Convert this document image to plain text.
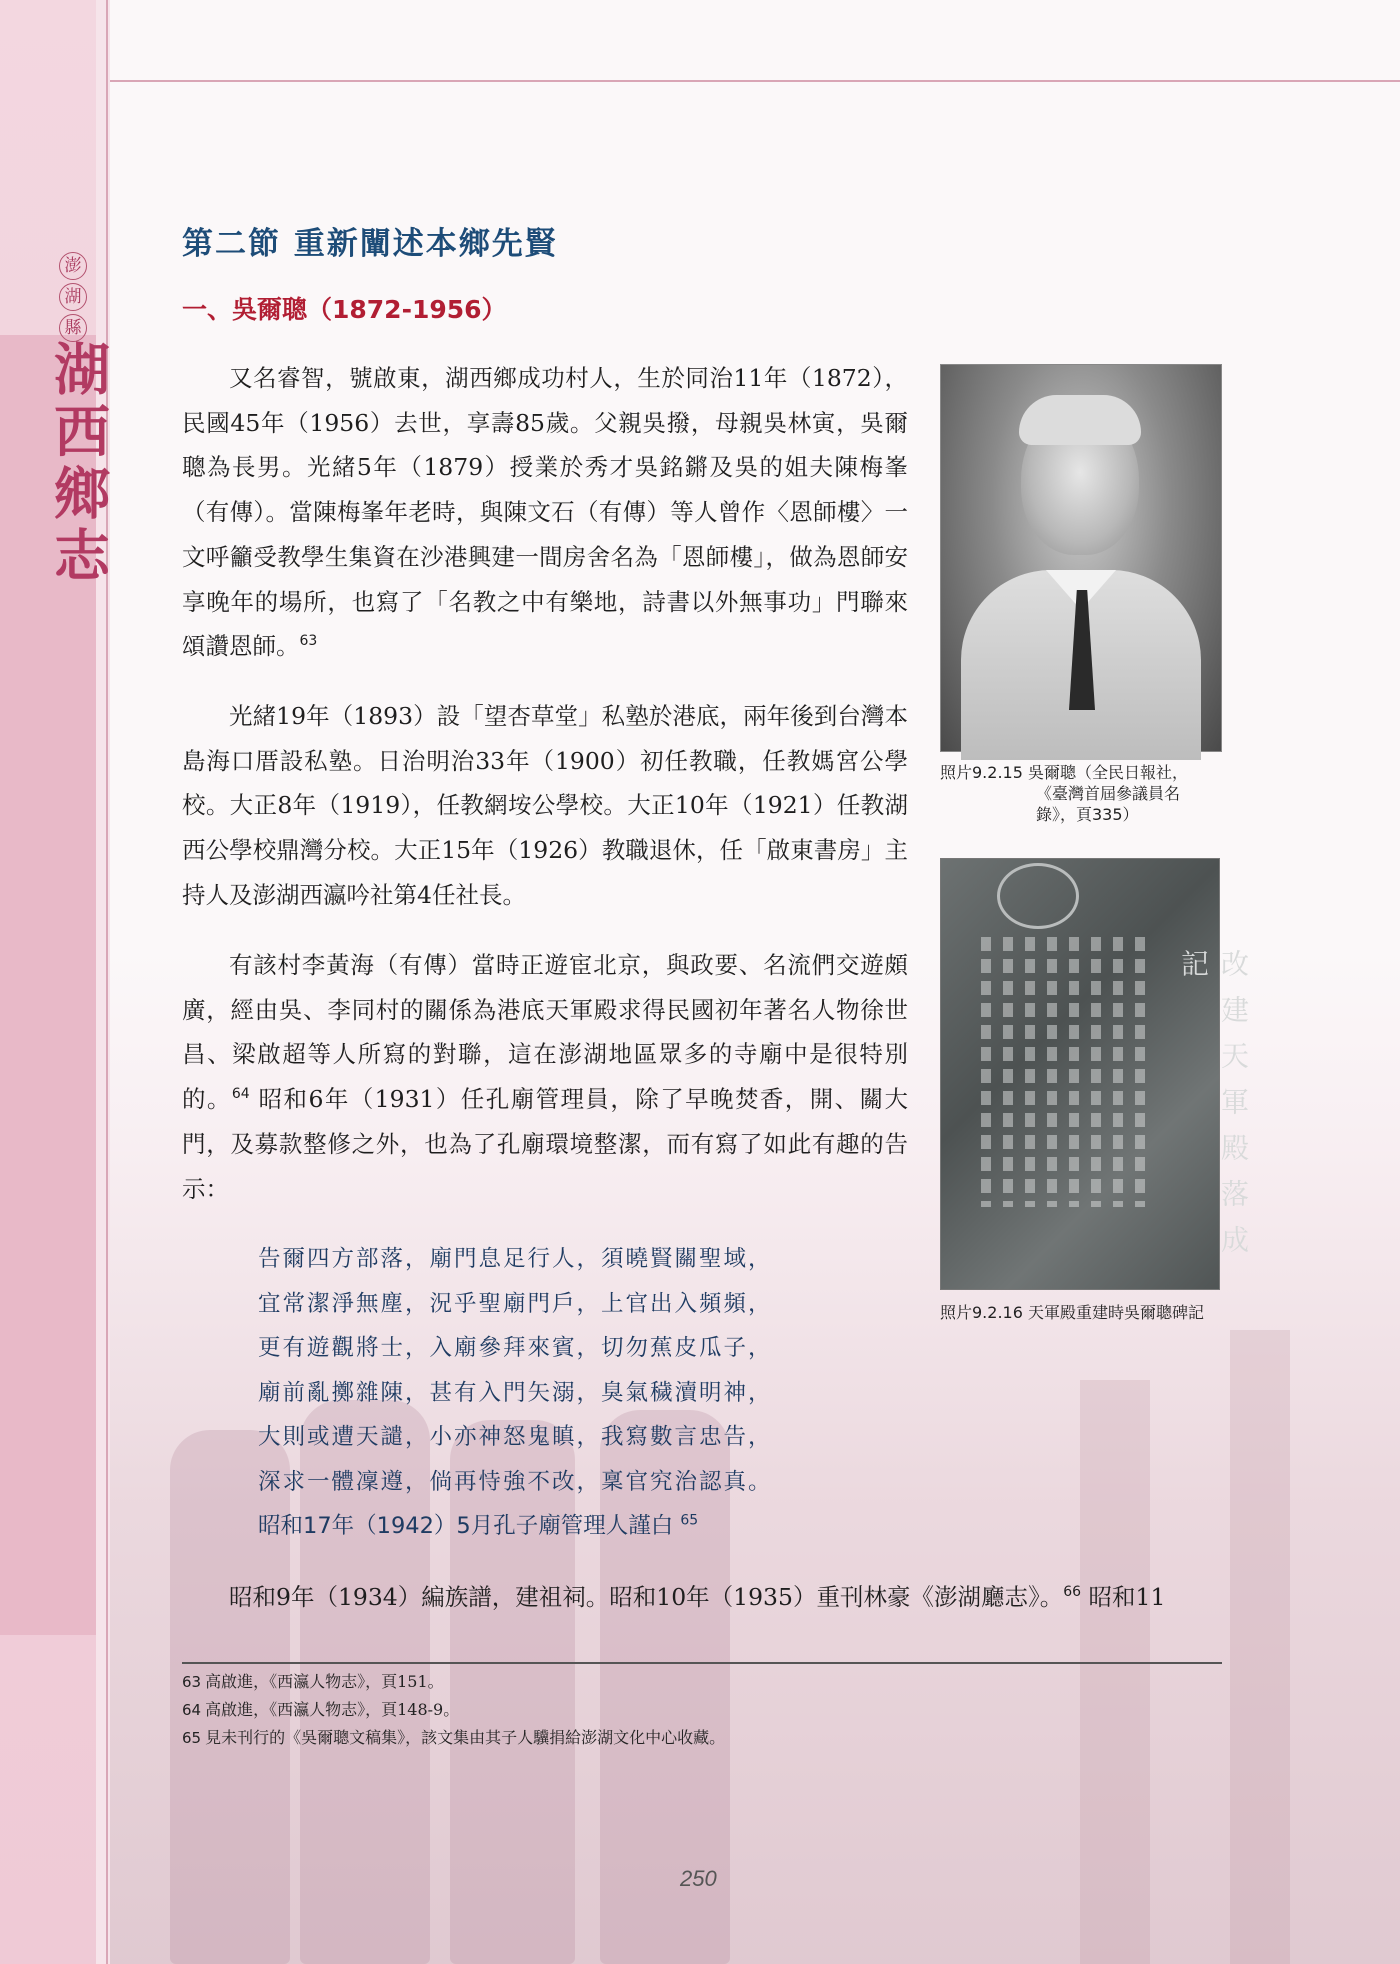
澎
湖
縣
湖西鄉志
第二節 重新闡述本鄉先賢
一、吳爾聰（1872-1956）

又名睿智，號啟東，湖西鄉成功村人，生於同治11年（1872），民國45年（1956）去世，享壽85歲。父親吳撥，母親吳林寅，吳爾聰為長男。光緒5年（1879）授業於秀才吳銘鏘及吳的姐夫陳梅峯（有傳）。當陳梅峯年老時，與陳文石（有傳）等人曾作〈恩師樓〉一文呼籲受教學生集資在沙港興建一間房舍名為「恩師樓」，做為恩師安享晚年的場所，也寫了「名教之中有樂地，詩書以外無事功」門聯來頌讚恩師。$^{63}$

光緒19年（1893）設「望杏草堂」私塾於港底，兩年後到台灣本島海口厝設私塾。日治明治33年（1900）初任教職，任教媽宮公學校。大正8年（1919），任教網垵公學校。大正10年（1921）任教湖西公學校鼎灣分校。大正15年（1926）教職退休，任「啟東書房」主持人及澎湖西瀛吟社第4任社長。

有該村李黃海（有傳）當時正遊宦北京，與政要、名流們交遊頗廣，經由吳、李同村的關係為港底天軍殿求得民國初年著名人物徐世昌、梁啟超等人所寫的對聯，這在澎湖地區眾多的寺廟中是很特別的。$^{64}$ 昭和6年（1931）任孔廟管理員，除了早晚焚香，開、關大門，及募款整修之外，也為了孔廟環境整潔，而有寫了如此有趣的告示：

告爾四方部落，廟門息足行人，須曉賢關聖域，
宜常潔淨無塵，況乎聖廟門戶，上官出入頻頻，
更有遊觀將士，入廟參拜來賓，切勿蕉皮瓜子，
廟前亂擲雜陳，甚有入門矢溺，臭氣穢瀆明神，
大則或遭天譴，小亦神怒鬼瞋，我寫數言忠告，
深求一體凜遵，倘再恃強不改，稟官究治認真。
昭和17年（1942）5月孔子廟管理人謹白 $^{65}$

昭和9年（1934）編族譜，建祖祠。昭和10年（1935）重刊林豪《澎湖廳志》。$^{66}$ 昭和11

照片9.2.15 吳爾聰（全民日報社，
《臺灣首屆參議員名
錄》，頁335）
改建天軍殿落成記
照片9.2.16 天軍殿重建時吳爾聰碑記
63 高啟進，《西瀛人物志》，頁151。
64 高啟進，《西瀛人物志》，頁148-9。
65 見未刊行的《吳爾聰文稿集》，該文集由其子人驥捐給澎湖文化中心收藏。
250
